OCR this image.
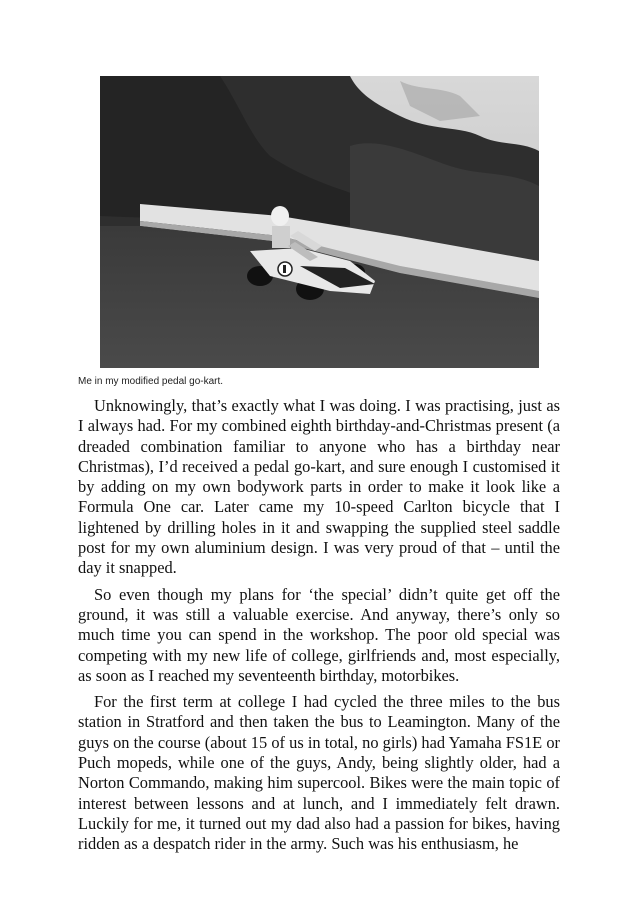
Me in my modified pedal go-kart.

Unknowingly, that’s exactly what I was doing. I was practising, just as I always had. For my combined eighth birthday-and-Christmas present (a dreaded combination familiar to anyone who has a birthday near Christmas), I’d received a pedal go-kart, and sure enough I customised it by adding on my own bodywork parts in order to make it look like a Formula One car. Later came my 10-speed Carlton bicycle that I lightened by drilling holes in it and swapping the supplied steel saddle post for my own aluminium design. I was very proud of that – until the day it snapped.

So even though my plans for ‘the special’ didn’t quite get off the ground, it was still a valuable exercise. And anyway, there’s only so much time you can spend in the workshop. The poor old special was competing with my new life of college, girlfriends and, most especially, as soon as I reached my seventeenth birthday, motorbikes.

For the first term at college I had cycled the three miles to the bus station in Stratford and then taken the bus to Leamington. Many of the guys on the course (about 15 of us in total, no girls) had Yamaha FS1E or Puch mopeds, while one of the guys, Andy, being slightly older, had a Norton Commando, making him supercool. Bikes were the main topic of interest between lessons and at lunch, and I immediately felt drawn. Luckily for me, it turned out my dad also had a passion for bikes, having ridden as a despatch rider in the army. Such was his enthusiasm, he
